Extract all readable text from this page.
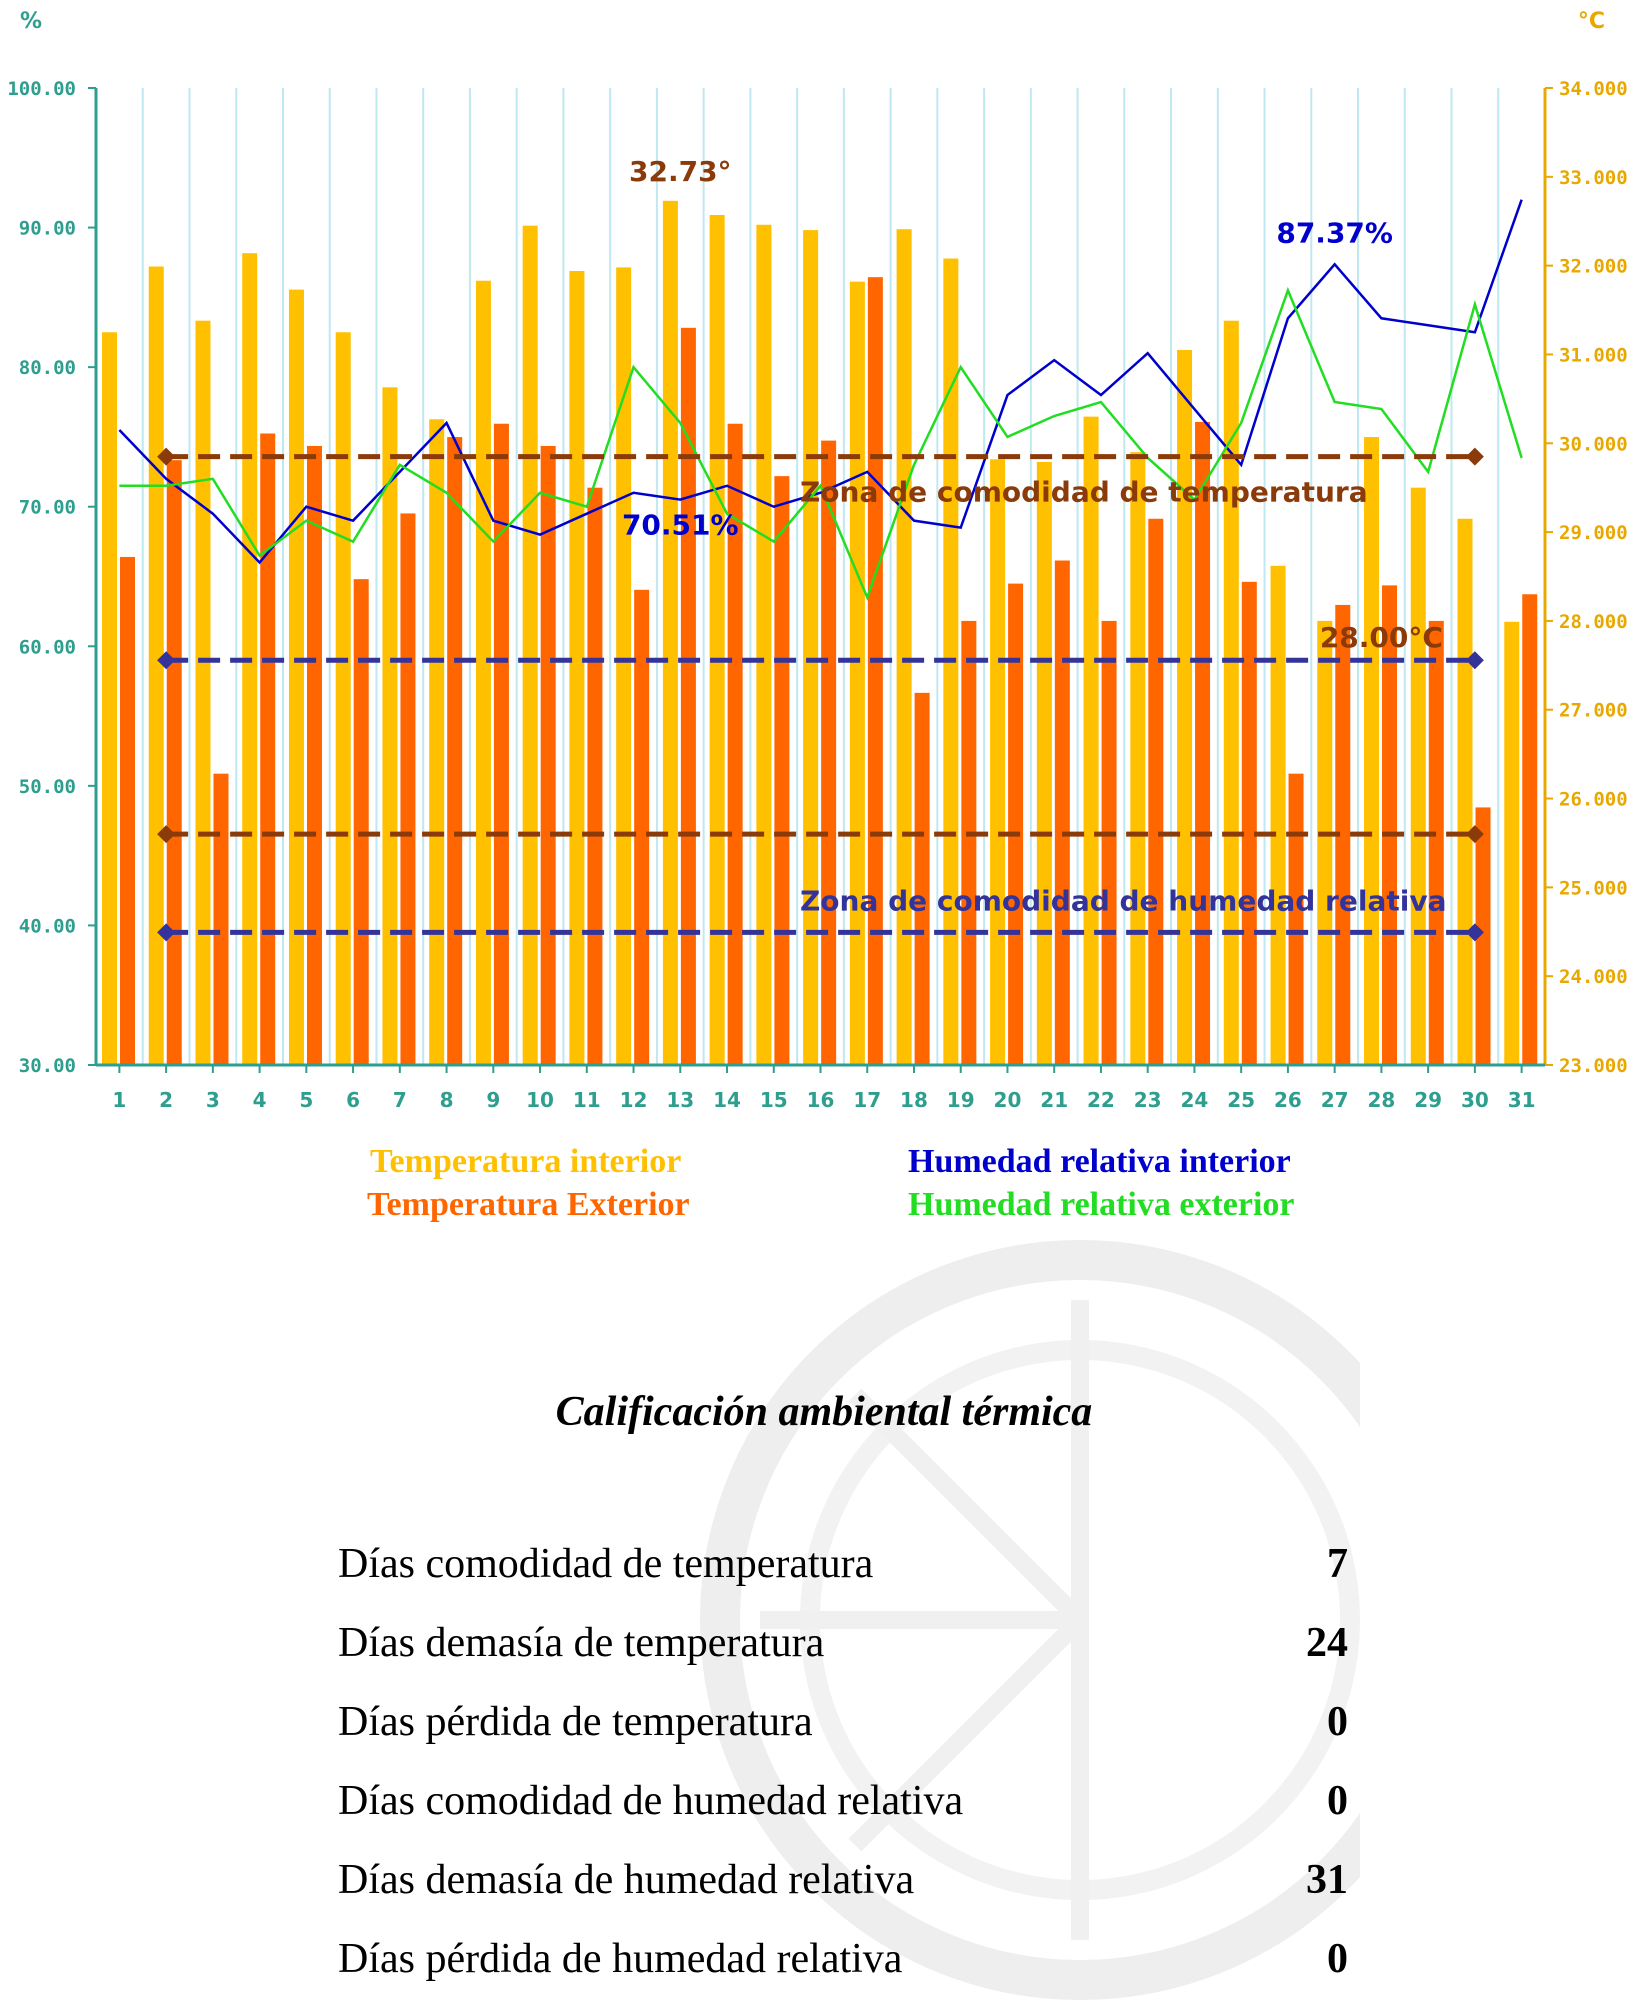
Zona de comodidad de temperatura
Zona de comodidad de humedad relativa
32.73°
87.37%
70.51%
28.00°C
100.00
90.00
80.00
70.00
60.00
50.00
40.00
30.00
34.000
33.000
32.000
31.000
30.000
29.000
28.000
27.000
26.000
25.000
24.000
23.000
1 2 3 4 5 6 7 8 9 10 11 12 13 14 15 16 17 18 19 20 21 22 23 24 25 26 27 28 29 30 31
%	°C

Temperatura interior

Temperatura Exterior

Humedad relativa interior

Humedad relativa exterior

Calificación ambiental térmica
Días comodidad de temperatura	7
Días demasía de temperatura	24
Días pérdida de temperatura	0
Días comodidad de humedad relativa	0
Días demasía de humedad relativa	31
Días pérdida de humedad relativa	0
